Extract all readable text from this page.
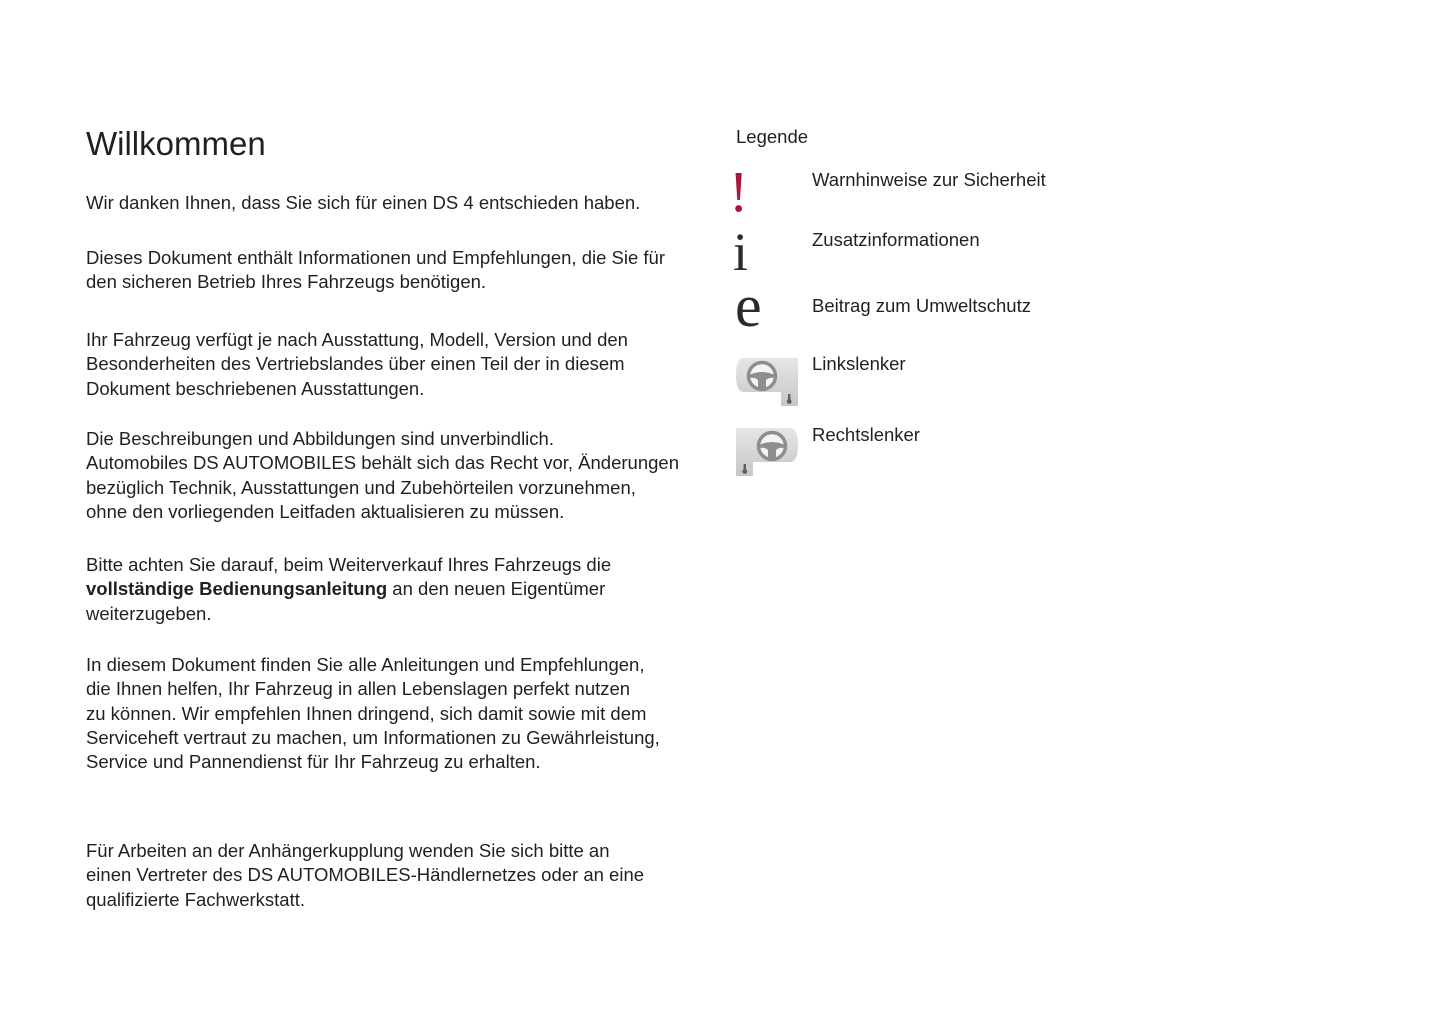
Willkommen
Wir danken Ihnen, dass Sie sich für einen DS 4 entschieden haben.
Dieses Dokument enthält Informationen und Empfehlungen, die Sie für
den sicheren Betrieb Ihres Fahrzeugs benötigen.
Ihr Fahrzeug verfügt je nach Ausstattung, Modell, Version und den
Besonderheiten des Vertriebslandes über einen Teil der in diesem
Dokument beschriebenen Ausstattungen.
Die Beschreibungen und Abbildungen sind unverbindlich.
Automobiles DS AUTOMOBILES behält sich das Recht vor, Änderungen
bezüglich Technik, Ausstattungen und Zubehörteilen vorzunehmen,
ohne den vorliegenden Leitfaden aktualisieren zu müssen.
Bitte achten Sie darauf, beim Weiterverkauf Ihres Fahrzeugs die
vollständige Bedienungsanleitung an den neuen Eigentümer
weiterzugeben.
In diesem Dokument finden Sie alle Anleitungen und Empfehlungen,
die Ihnen helfen, Ihr Fahrzeug in allen Lebenslagen perfekt nutzen
zu können. Wir empfehlen Ihnen dringend, sich damit sowie mit dem
Serviceheft vertraut zu machen, um Informationen zu Gewährleistung,
Service und Pannendienst für Ihr Fahrzeug zu erhalten.
Für Arbeiten an der Anhängerkupplung wenden Sie sich bitte an
einen Vertreter des DS AUTOMOBILES-Händlernetzes oder an eine
qualifizierte Fachwerkstatt.
Legende
!	Warnhinweise zur Sicherheit
i	Zusatzinformationen
e	Beitrag zum Umweltschutz
Linkslenker
Rechtslenker
